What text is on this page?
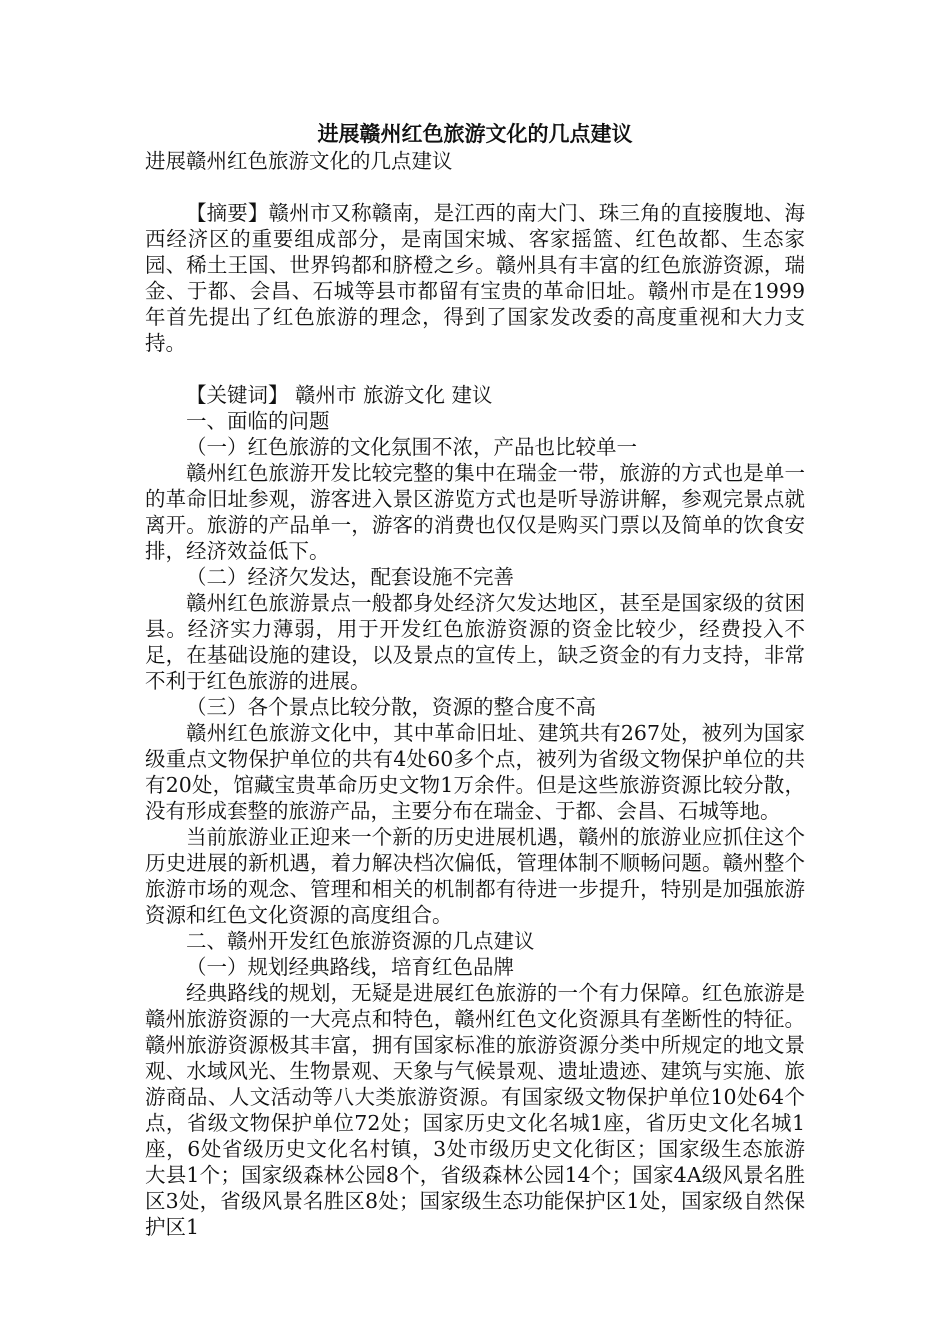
进展赣州红色旅游文化的几点建议

进展赣州红色旅游文化的几点建议

【摘要】赣州市又称赣南，是江西的南大门、珠三角的直接腹地、海西经济区的重要组成部分，是南国宋城、客家摇篮、红色故都、生态家园、稀土王国、世界钨都和脐橙之乡。赣州具有丰富的红色旅游资源，瑞金、于都、会昌、石城等县市都留有宝贵的革命旧址。赣州市是在1999年首先提出了红色旅游的理念，得到了国家发改委的高度重视和大力支持。

【关键词】 赣州市 旅游文化 建议

一、面临的问题

（一）红色旅游的文化氛围不浓，产品也比较单一

赣州红色旅游开发比较完整的集中在瑞金一带，旅游的方式也是单一的革命旧址参观，游客进入景区游览方式也是听导游讲解，参观完景点就离开。旅游的产品单一，游客的消费也仅仅是购买门票以及简单的饮食安排，经济效益低下。

（二）经济欠发达，配套设施不完善

赣州红色旅游景点一般都身处经济欠发达地区，甚至是国家级的贫困县。经济实力薄弱，用于开发红色旅游资源的资金比较少，经费投入不足，在基础设施的建设，以及景点的宣传上，缺乏资金的有力支持，非常不利于红色旅游的进展。

（三）各个景点比较分散，资源的整合度不高

赣州红色旅游文化中，其中革命旧址、建筑共有267处，被列为国家级重点文物保护单位的共有4处60多个点，被列为省级文物保护单位的共有20处，馆藏宝贵革命历史文物1万余件。但是这些旅游资源比较分散，没有形成套整的旅游产品，主要分布在瑞金、于都、会昌、石城等地。

当前旅游业正迎来一个新的历史进展机遇，赣州的旅游业应抓住这个历史进展的新机遇，着力解决档次偏低，管理体制不顺畅问题。赣州整个旅游市场的观念、管理和相关的机制都有待进一步提升，特别是加强旅游资源和红色文化资源的高度组合。

二、赣州开发红色旅游资源的几点建议

（一）规划经典路线，培育红色品牌

经典路线的规划，无疑是进展红色旅游的一个有力保障。红色旅游是赣州旅游资源的一大亮点和特色，赣州红色文化资源具有垄断性的特征。赣州旅游资源极其丰富，拥有国家标准的旅游资源分类中所规定的地文景观、水域风光、生物景观、天象与气候景观、遗址遗迹、建筑与实施、旅游商品、人文活动等八大类旅游资源。有国家级文物保护单位10处64个点，省级文物保护单位72处；国家历史文化名城1座，省历史文化名城1座，6处省级历史文化名村镇，3处市级历史文化街区；国家级生态旅游大县1个；国家级森林公园8个，省级森林公园14个；国家4A级风景名胜区3处，省级风景名胜区8处；国家级生态功能保护区1处，国家级自然保护区1
